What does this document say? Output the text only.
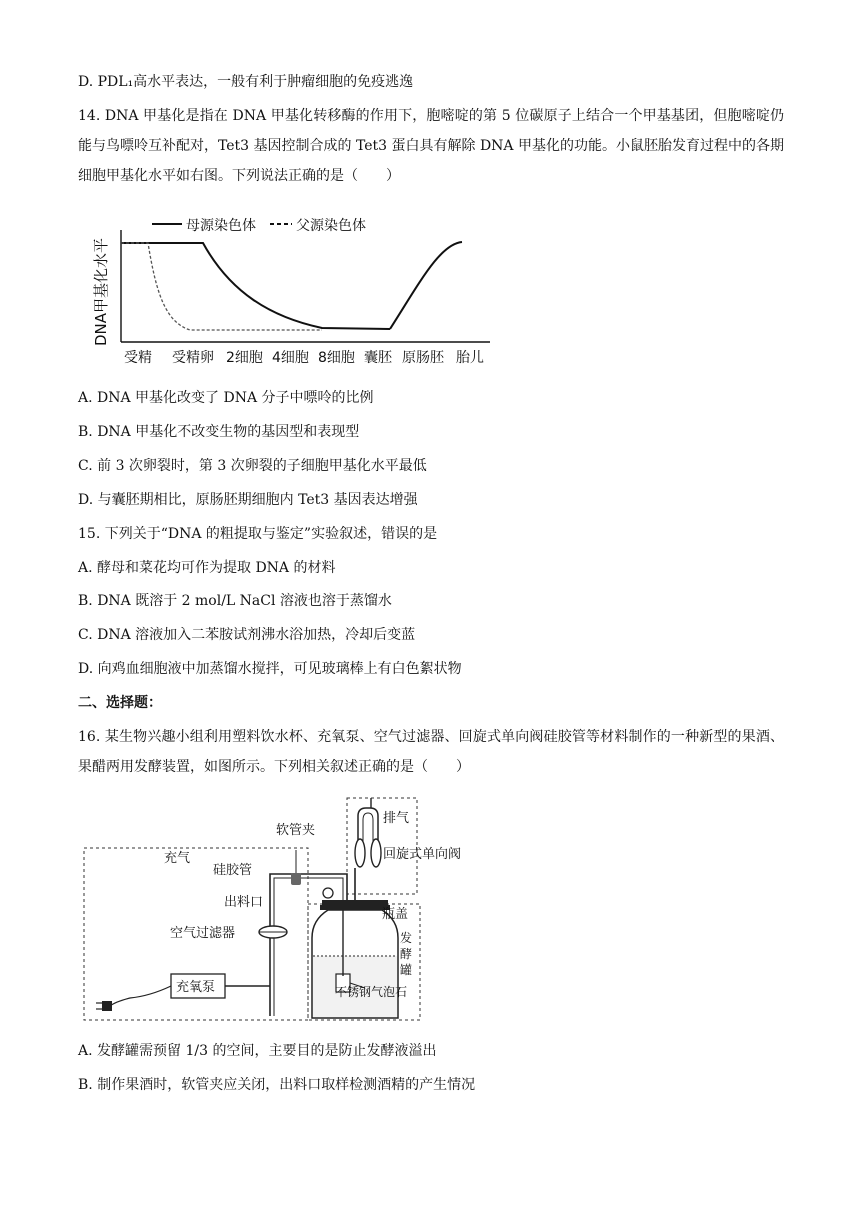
D. PDL₁高水平表达，一般有利于肿瘤细胞的免疫逃逸
14. DNA 甲基化是指在 DNA 甲基化转移酶的作用下，胞嘧啶的第 5 位碳原子上结合一个甲基基团，但胞嘧啶仍能与鸟嘌呤互补配对，Tet3 基因控制合成的 Tet3 蛋白具有解除 DNA 甲基化的功能。小鼠胚胎发育过程中的各期细胞甲基化水平如右图。下列说法正确的是（　　）
DNA甲基化水平
母源染色体	父源染色体
受精 受精卵 2细胞 4细胞 8细胞 囊胚 原肠胚 胎儿
A. DNA 甲基化改变了 DNA 分子中嘌呤的比例
B. DNA 甲基化不改变生物的基因型和表现型
C. 前 3 次卵裂时，第 3 次卵裂的子细胞甲基化水平最低
D. 与囊胚期相比，原肠胚期细胞内 Tet3 基因表达增强
15. 下列关于“DNA 的粗提取与鉴定”实验叙述，错误的是
A. 酵母和菜花均可作为提取 DNA 的材料
B. DNA 既溶于 2 mol/L NaCl 溶液也溶于蒸馏水
C. DNA 溶液加入二苯胺试剂沸水浴加热，冷却后变蓝
D. 向鸡血细胞液中加蒸馏水搅拌，可见玻璃棒上有白色絮状物
二、选择题：
16. 某生物兴趣小组利用塑料饮水杯、充氧泵、空气过滤器、回旋式单向阀硅胶管等材料制作的一种新型的果酒、果醋两用发酵装置，如图所示。下列相关叙述正确的是（　　）
软管夹
排气
充气
硅胶管
回旋式单向阀
出料口
瓶盖
空气过滤器
充氧泵	不锈钢气泡石
发酵罐
A. 发酵罐需预留 1/3 的空间，主要目的是防止发酵液溢出
B. 制作果酒时，软管夹应关闭，出料口取样检测酒精的产生情况
